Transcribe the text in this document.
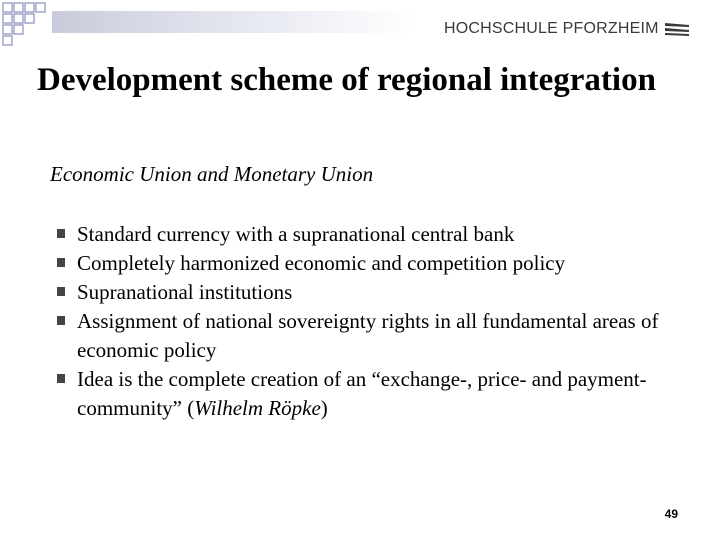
HOCHSCHULE PFORZHEIM
Development scheme of regional integration
Economic Union and Monetary Union
Standard currency with a supranational central bank
Completely harmonized economic and competition policy
Supranational institutions
Assignment of national sovereignty rights in all fundamental areas of economic policy
Idea is the complete creation of an “exchange-, price- and payment-community” (Wilhelm Röpke)
49
